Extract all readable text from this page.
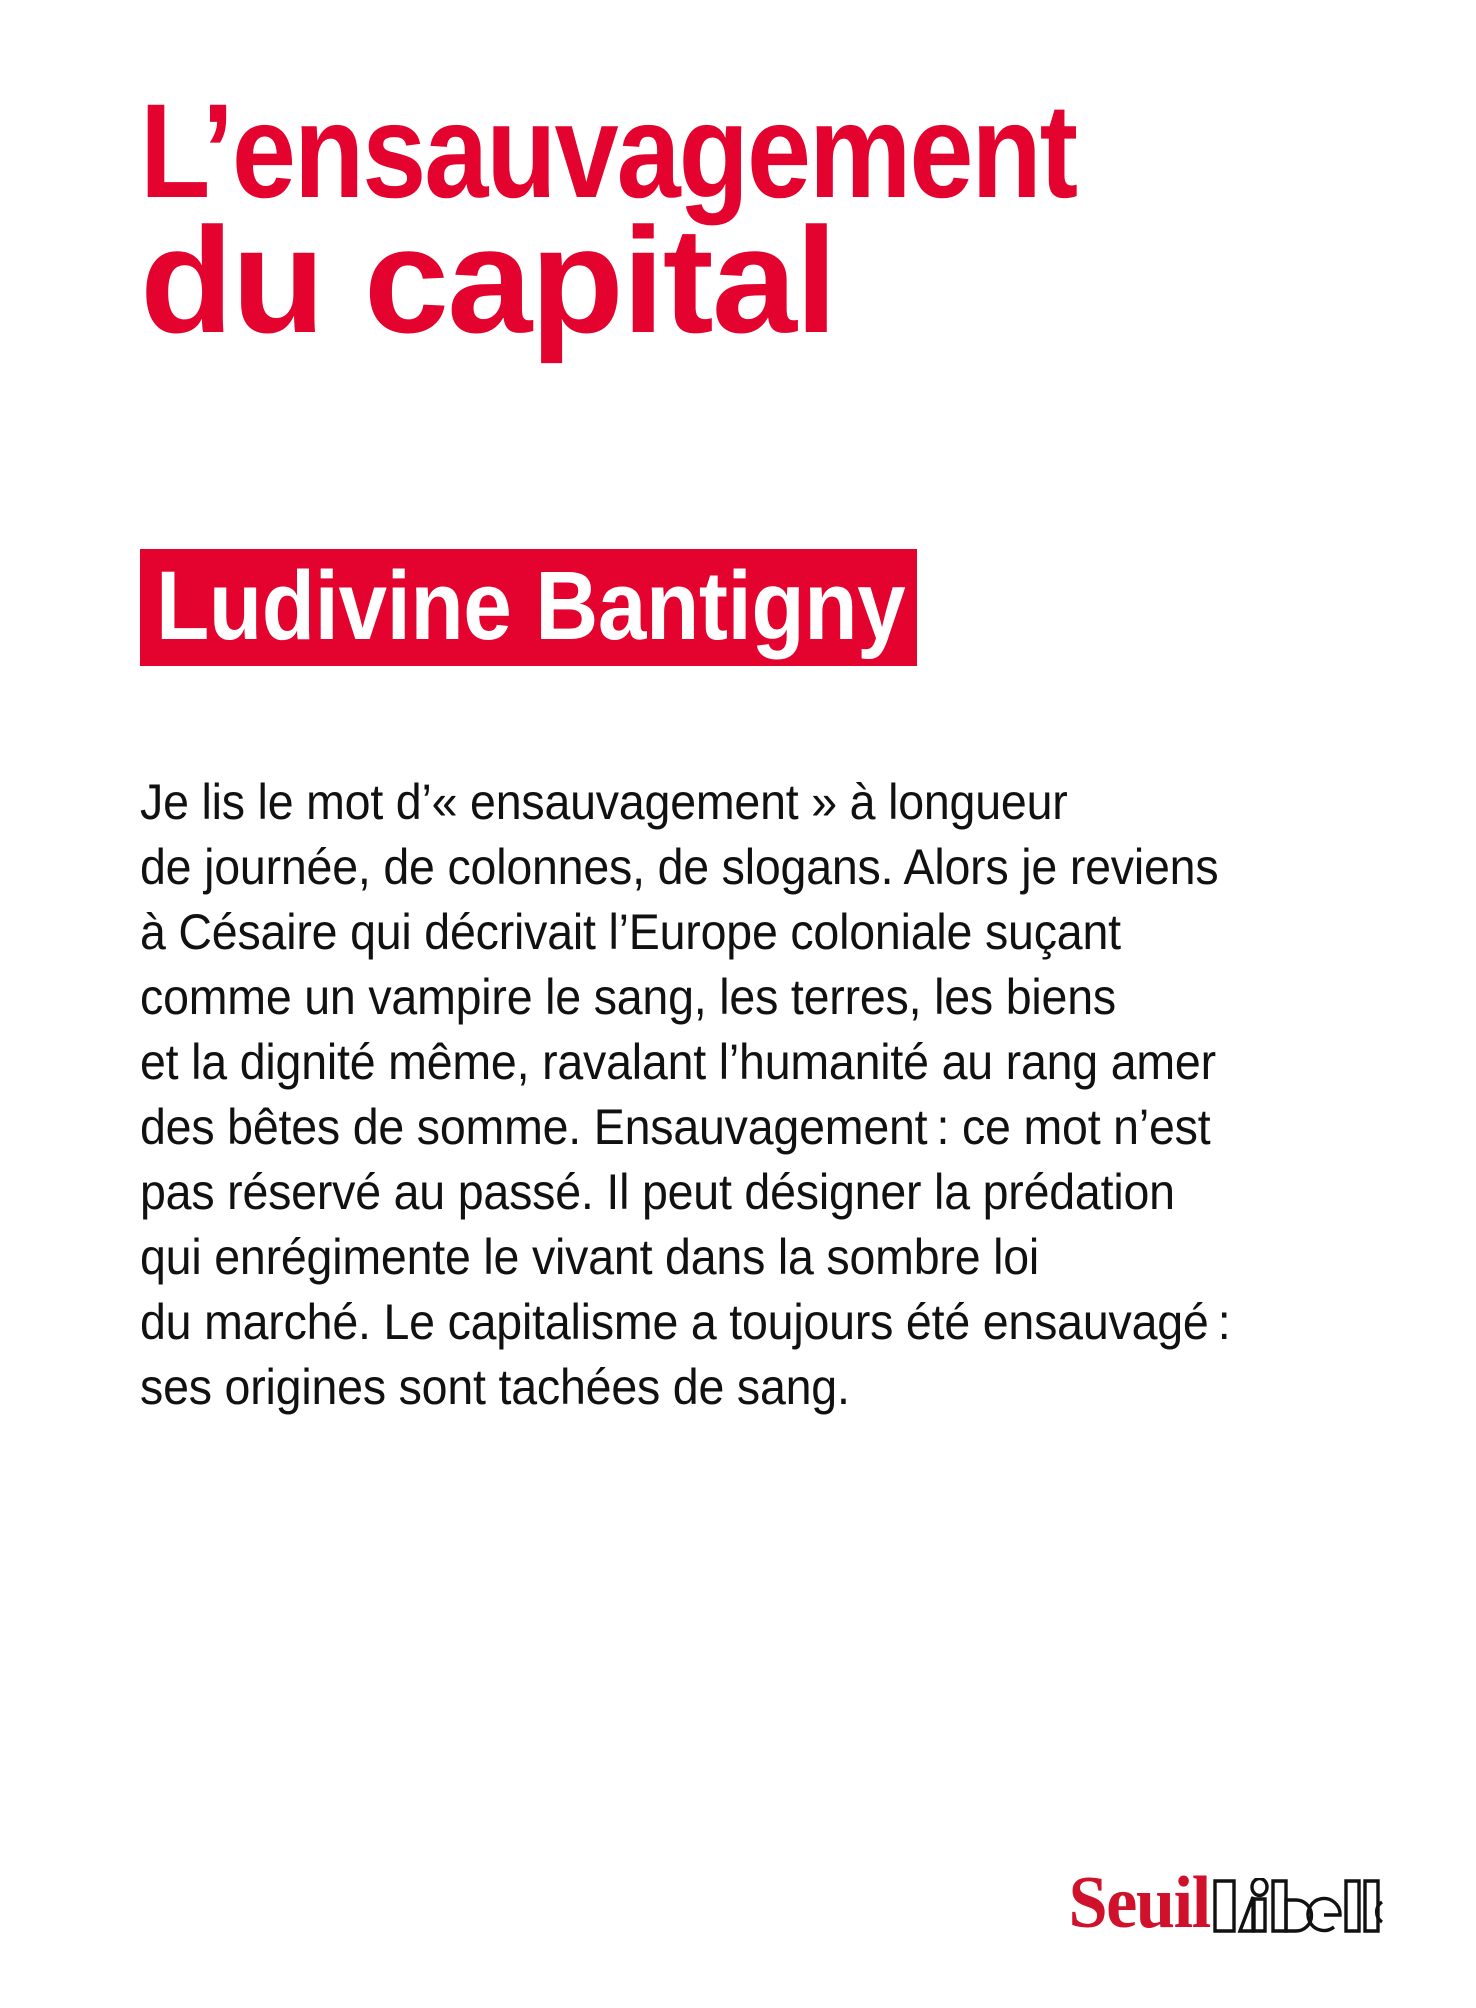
L’ensauvagement
du capital
Ludivine Bantigny
Je lis le mot d’« ensauvagement » à longueur
de journée, de colonnes, de slogans. Alors je reviens
à Césaire qui décrivait l’Europe coloniale suçant
comme un vampire le sang, les terres, les biens
et la dignité même, ravalant l’humanité au rang amer
des bêtes de somme. Ensauvagement : ce mot n’est
pas réservé au passé. Il peut désigner la prédation
qui enrégimente le vivant dans la sombre loi
du marché. Le capitalisme a toujours été ensauvagé :
ses origines sont tachées de sang.
Seuil
